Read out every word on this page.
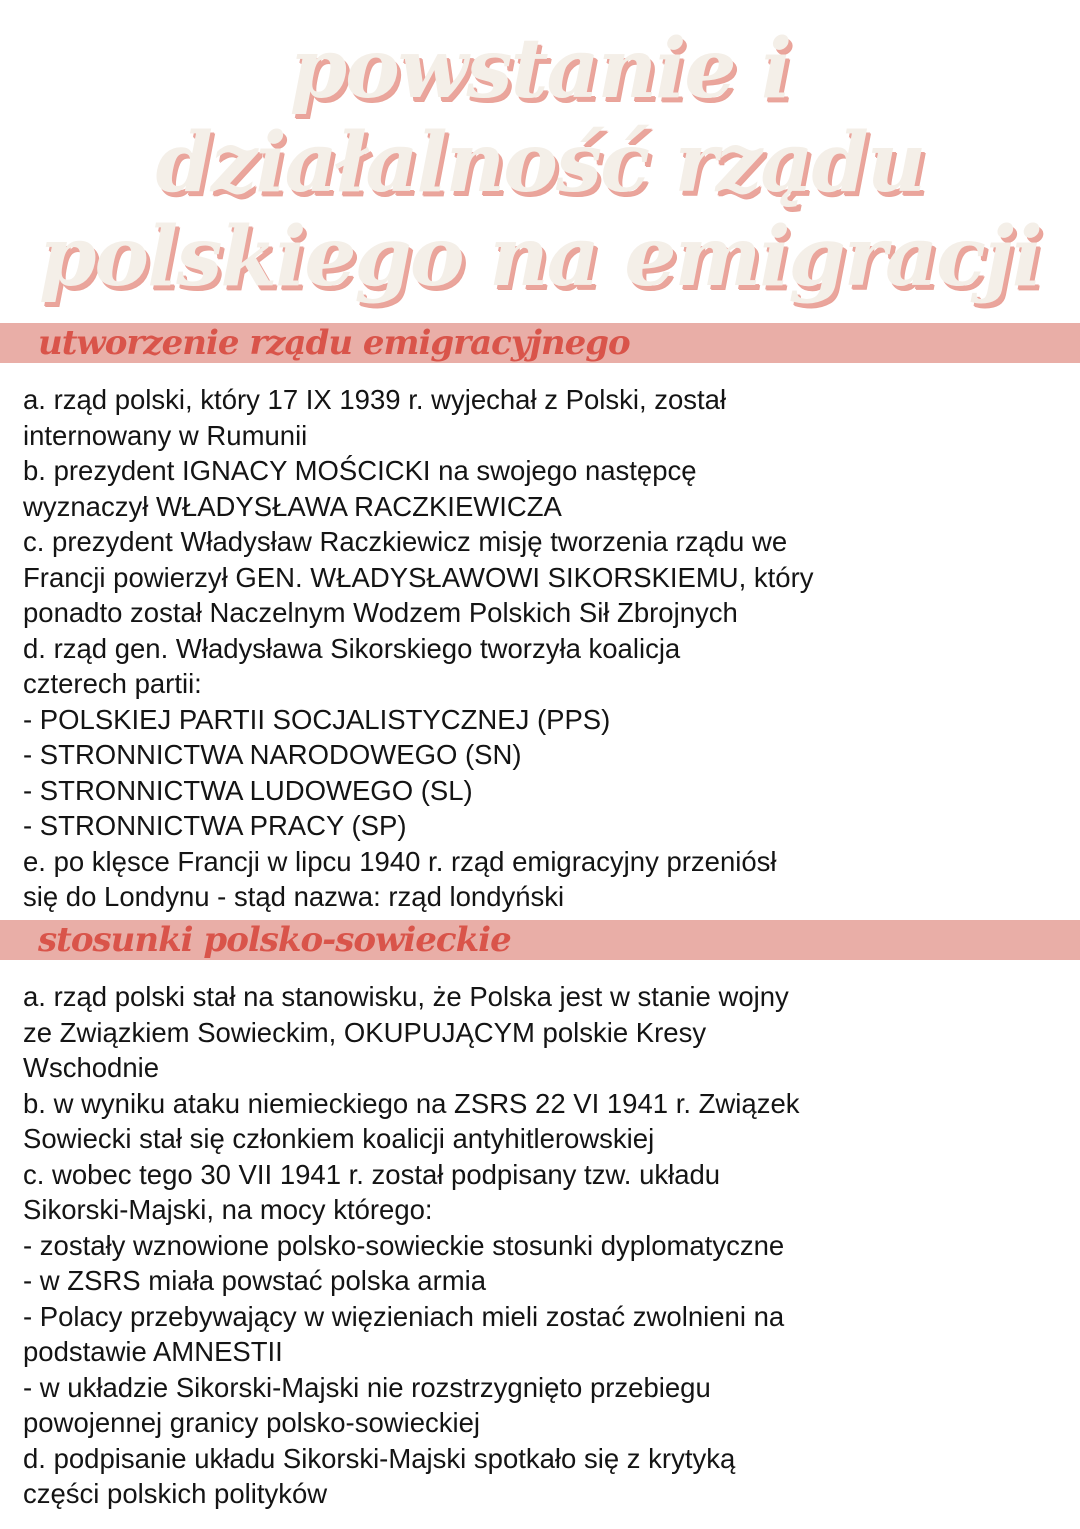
powstanie i
działalność rządu
polskiego na emigracji
utworzenie rządu emigracyjnego
a. rząd polski, który 17 IX 1939 r. wyjechał z Polski, został
internowany w Rumunii
b. prezydent IGNACY MOŚCICKI na swojego następcę
wyznaczył WŁADYSŁAWA RACZKIEWICZA
c. prezydent Władysław Raczkiewicz misję tworzenia rządu we
Francji powierzył GEN. WŁADYSŁAWOWI SIKORSKIEMU, który
ponadto został Naczelnym Wodzem Polskich Sił Zbrojnych
d. rząd gen. Władysława Sikorskiego tworzyła koalicja
czterech partii:
- POLSKIEJ PARTII SOCJALISTYCZNEJ (PPS)
- STRONNICTWA NARODOWEGO (SN)
- STRONNICTWA LUDOWEGO (SL)
- STRONNICTWA PRACY (SP)
e. po klęsce Francji w lipcu 1940 r. rząd emigracyjny przeniósł
się do Londynu - stąd nazwa: rząd londyński
stosunki polsko-sowieckie
a. rząd polski stał na stanowisku, że Polska jest w stanie wojny
ze Związkiem Sowieckim, OKUPUJĄCYM polskie Kresy
Wschodnie
b. w wyniku ataku niemieckiego na ZSRS 22 VI 1941 r. Związek
Sowiecki stał się członkiem koalicji antyhitlerowskiej
c. wobec tego 30 VII 1941 r. został podpisany tzw. układu
Sikorski-Majski, na mocy którego:
- zostały wznowione polsko-sowieckie stosunki dyplomatyczne
- w ZSRS miała powstać polska armia
- Polacy przebywający w więzieniach mieli zostać zwolnieni na
podstawie AMNESTII
- w układzie Sikorski-Majski nie rozstrzygnięto przebiegu
powojennej granicy polsko-sowieckiej
d. podpisanie układu Sikorski-Majski spotkało się z krytyką
części polskich polityków
